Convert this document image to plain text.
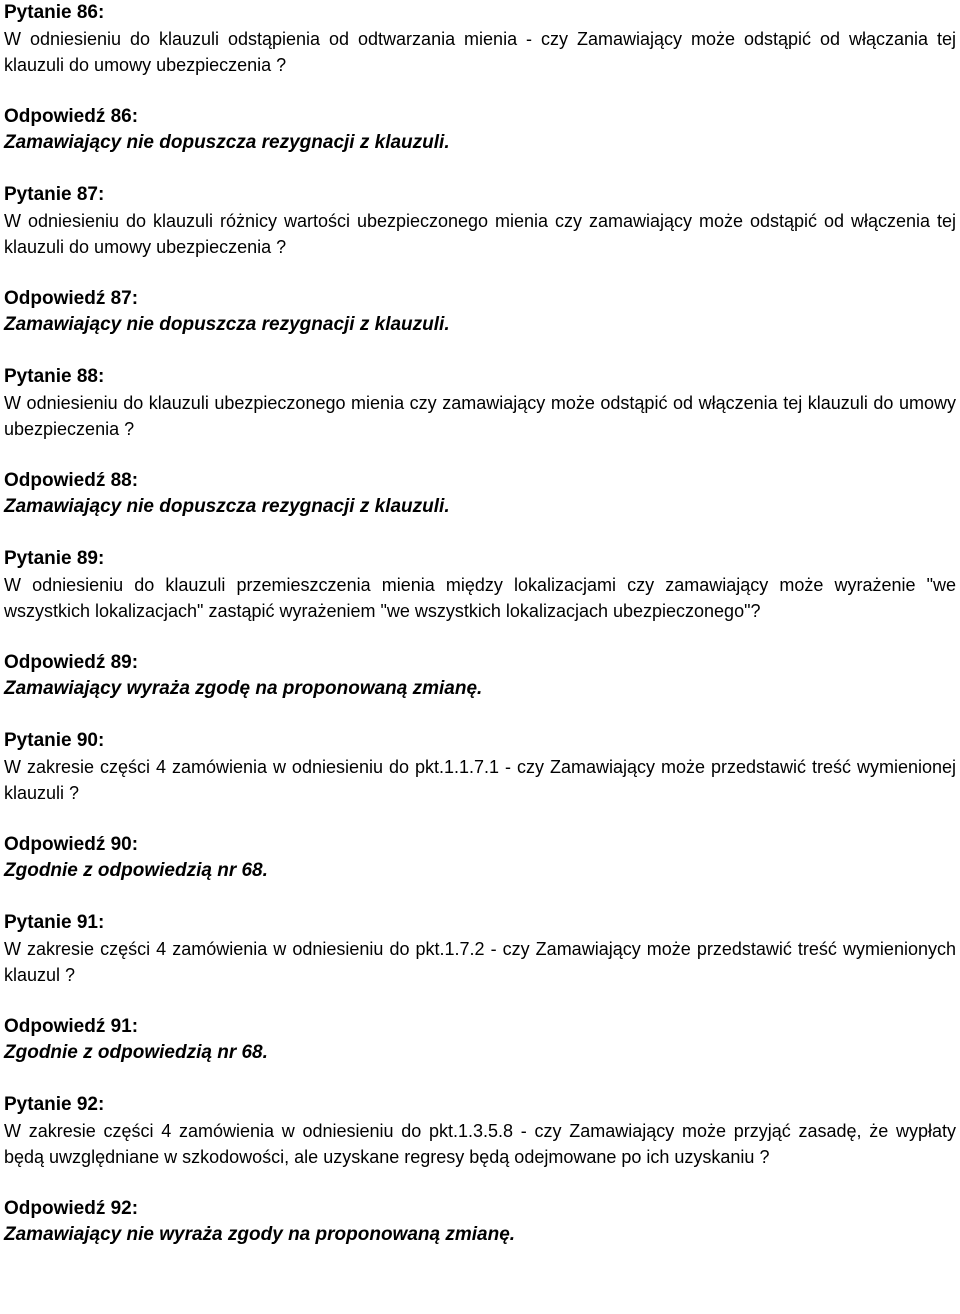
Pytanie 86:

W odniesieniu do klauzuli odstąpienia od odtwarzania mienia - czy Zamawiający może odstąpić od włączania tej klauzuli do umowy ubezpieczenia ?

Odpowiedź 86:

Zamawiający nie dopuszcza rezygnacji z klauzuli.

Pytanie 87:

W odniesieniu do klauzuli różnicy wartości ubezpieczonego mienia czy zamawiający może odstąpić od włączenia tej klauzuli do umowy ubezpieczenia ?

Odpowiedź 87:

Zamawiający nie dopuszcza rezygnacji z klauzuli.

Pytanie 88:

W odniesieniu do klauzuli ubezpieczonego mienia czy zamawiający może odstąpić od włączenia tej klauzuli do umowy ubezpieczenia ?

Odpowiedź 88:

Zamawiający nie dopuszcza rezygnacji z klauzuli.

Pytanie 89:

W odniesieniu do klauzuli przemieszczenia mienia między lokalizacjami czy zamawiający może wyrażenie "we wszystkich lokalizacjach" zastąpić wyrażeniem "we wszystkich lokalizacjach ubezpieczonego"?

Odpowiedź 89:

Zamawiający wyraża zgodę na proponowaną zmianę.

Pytanie 90:

W zakresie części 4 zamówienia w odniesieniu do pkt.1.1.7.1 - czy Zamawiający może przedstawić treść wymienionej klauzuli ?

Odpowiedź 90:

Zgodnie z odpowiedzią nr 68.

Pytanie 91:

W zakresie części 4 zamówienia w odniesieniu do pkt.1.7.2 - czy Zamawiający może przedstawić treść wymienionych klauzul ?

Odpowiedź 91:

Zgodnie z odpowiedzią nr 68.

Pytanie 92:

W zakresie części 4 zamówienia w odniesieniu do pkt.1.3.5.8 - czy Zamawiający może przyjąć zasadę, że wypłaty będą uwzględniane w szkodowości, ale uzyskane regresy będą odejmowane po ich uzyskaniu ?

Odpowiedź 92:

Zamawiający nie wyraża zgody na proponowaną zmianę.
